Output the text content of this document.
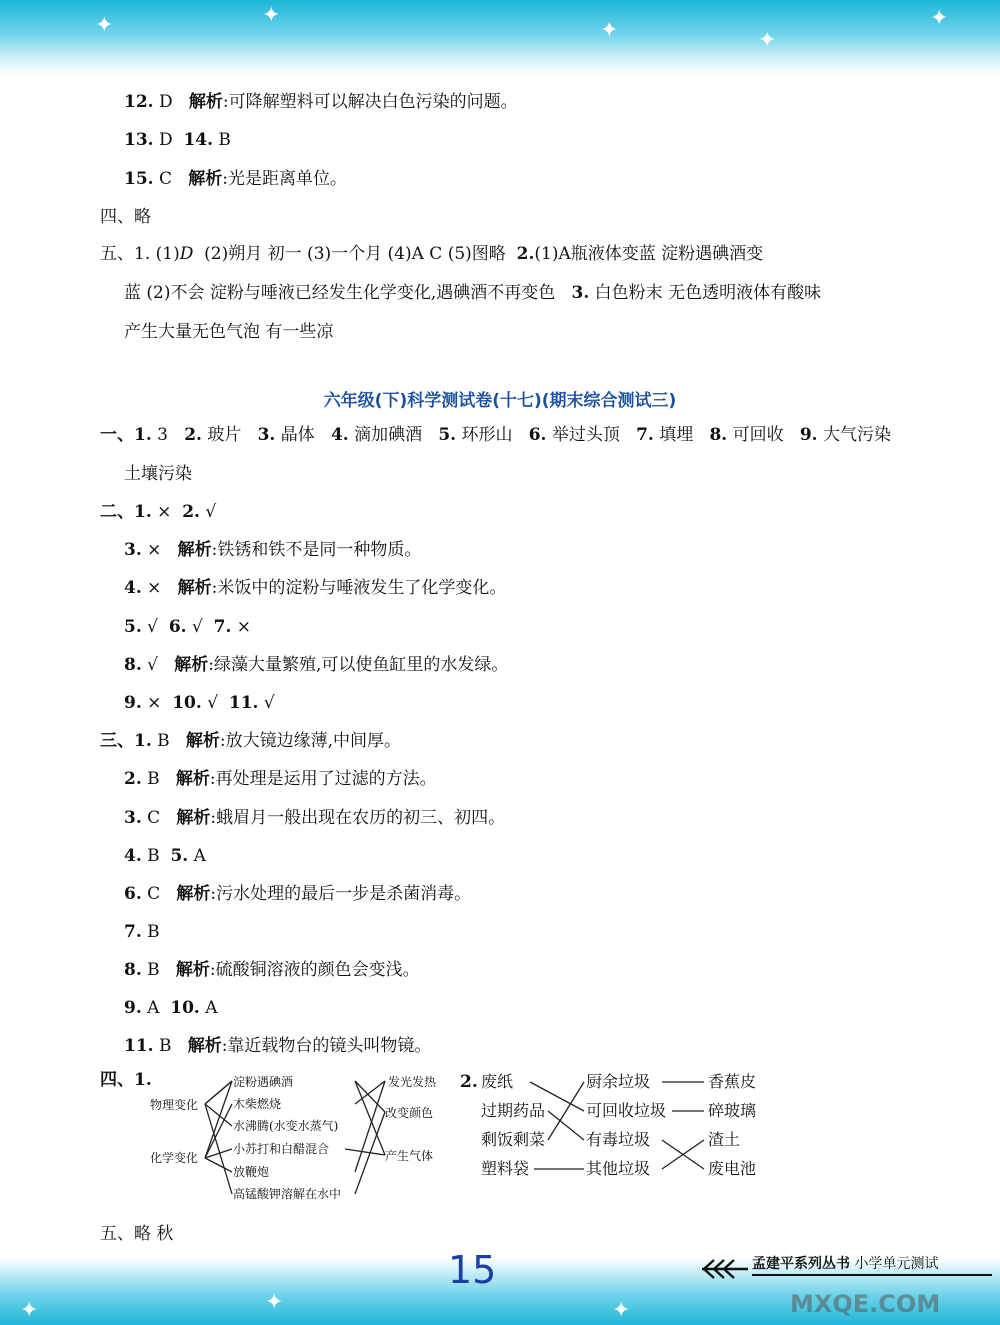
✦	✦
✦	✦
✦
✦	✦	✦
12. D 解析:可降解塑料可以解决白色污染的问题。
13. D 14. B
15. C 解析:光是距离单位。
四、略
五、1. (1)D (2)朔月 初一 (3)一个月 (4)A C (5)图略 2.(1)A瓶液体变蓝 淀粉遇碘酒变
蓝 (2)不会 淀粉与唾液已经发生化学变化,遇碘酒不再变色 3. 白色粉末 无色透明液体有酸味
产生大量无色气泡 有一些凉
六年级(下)科学测试卷(十七)(期末综合测试三)
一、1. 3 2. 玻片 3. 晶体 4. 滴加碘酒 5. 环形山 6. 举过头顶 7. 填埋 8. 可回收 9. 大气污染
土壤污染
二、1. × 2. √
3. × 解析:铁锈和铁不是同一种物质。
4. × 解析:米饭中的淀粉与唾液发生了化学变化。
5. √ 6. √ 7. ×
8. √ 解析:绿藻大量繁殖,可以使鱼缸里的水发绿。
9. × 10. √ 11. √
三、1. B 解析:放大镜边缘薄,中间厚。
2. B 解析:再处理是运用了过滤的方法。
3. C 解析:蛾眉月一般出现在农历的初三、初四。
4. B 5. A
6. C 解析:污水处理的最后一步是杀菌消毒。
7. B
8. B 解析:硫酸铜溶液的颜色会变浅。
9. A 10. A
11. B 解析:靠近载物台的镜头叫物镜。
四、1.
物理变化
化学变化
淀粉遇碘酒
木柴燃烧
水沸腾(水变水蒸气)
小苏打和白醋混合
放鞭炮
高锰酸钾溶解在水中
发光发热
改变颜色
产生气体
2. 废纸
过期药品
剩饭剩菜
塑料袋
厨余垃圾
可回收垃圾
有毒垃圾
其他垃圾
香蕉皮
碎玻璃
渣土
废电池
五、略 秋
15	孟建平系列丛书 小学单元测试
MXQE.COM
